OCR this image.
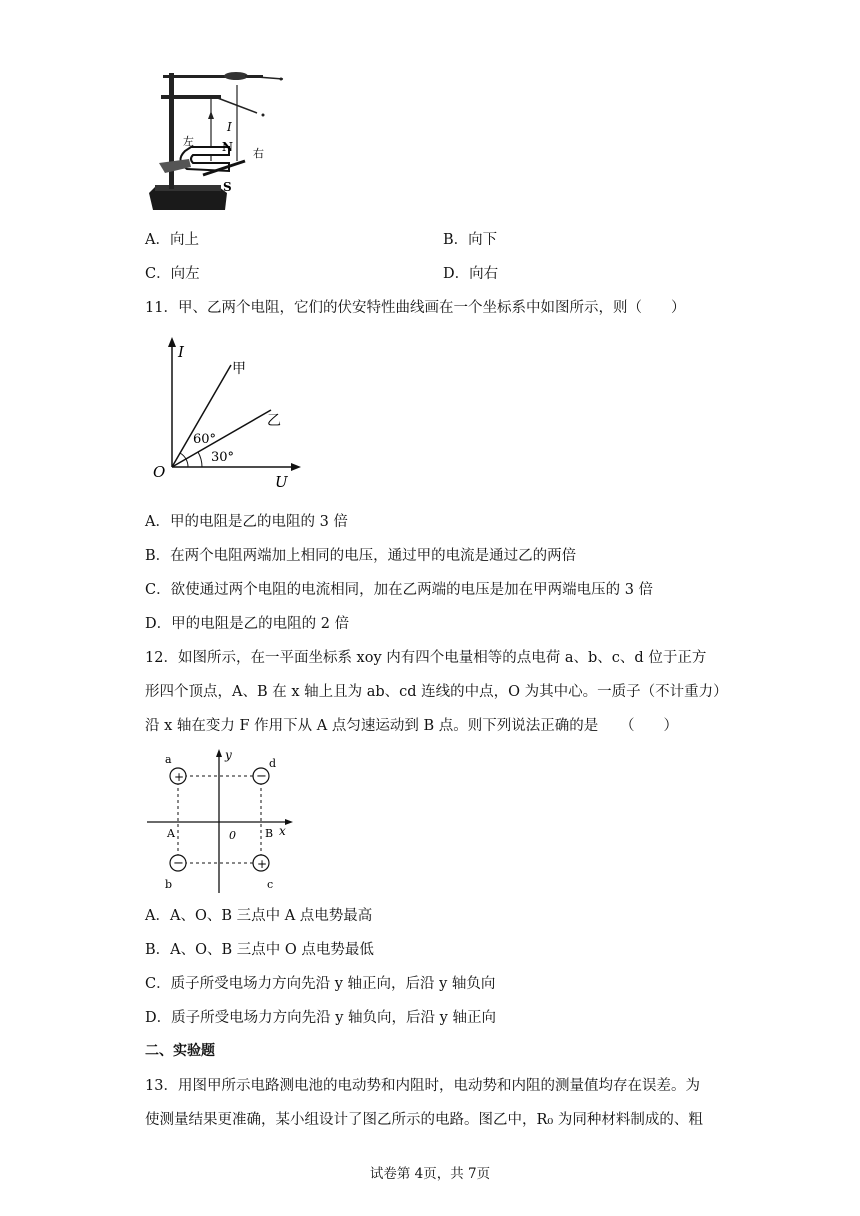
左
右
I
N
S
A．向上	B．向下
C．向左	D．向右
11．甲、乙两个电阻，它们的伏安特性曲线画在一个坐标系中如图所示，则（　　）
I
U
O
甲
乙
60°
30°
A．甲的电阻是乙的电阻的 3 倍
B．在两个电阻两端加上相同的电压，通过甲的电流是通过乙的两倍
C．欲使通过两个电阻的电流相同，加在乙两端的电压是加在甲两端电压的 3 倍
D．甲的电阻是乙的电阻的 2 倍
12．如图所示，在一平面坐标系 xoy 内有四个电量相等的点电荷 a、b、c、d 位于正方
形四个顶点，A、B 在 x 轴上且为 ab、cd 连线的中点，O 为其中心。一质子（不计重力）
沿 x 轴在变力 F 作用下从 A 点匀速运动到 B 点。则下列说法正确的是　　（　　）
+	−
−	+
a	d
b	c
A	B
0	x
y
A．A、O、B 三点中 A 点电势最高
B．A、O、B 三点中 O 点电势最低
C．质子所受电场力方向先沿 y 轴正向，后沿 y 轴负向
D．质子所受电场力方向先沿 y 轴负向，后沿 y 轴正向
二、实验题
13．用图甲所示电路测电池的电动势和内阻时，电动势和内阻的测量值均存在误差。为
使测量结果更准确，某小组设计了图乙所示的电路。图乙中，R₀ 为同种材料制成的、粗
试卷第 4页，共 7页
